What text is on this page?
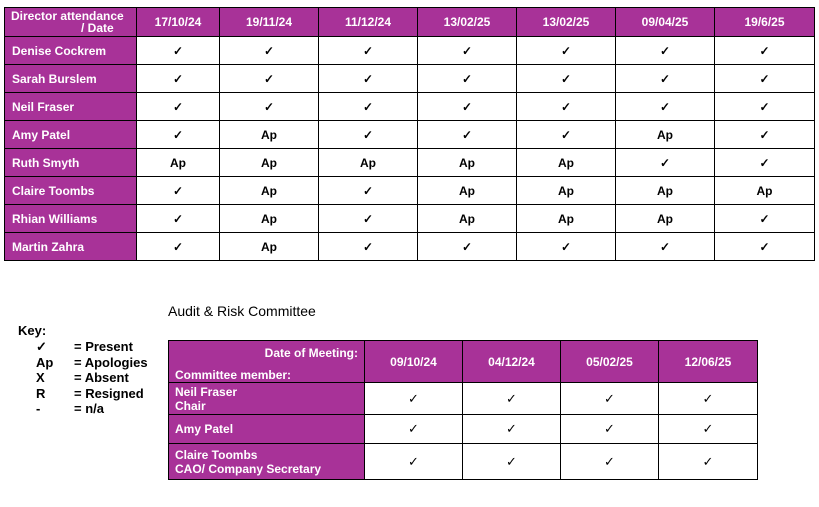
Director attendance
/ Date	17/10/24	19/11/24	11/12/24	13/02/25	13/02/25	09/04/25	19/6/25
Denise Cockrem	✓	✓	✓	✓	✓	✓	✓
Sarah Burslem	✓	✓	✓	✓	✓	✓	✓
Neil Fraser	✓	✓	✓	✓	✓	✓	✓
Amy Patel	✓	Ap	✓	✓	✓	Ap	✓
Ruth Smyth	Ap	Ap	Ap	Ap	Ap	✓	✓
Claire Toombs	✓	Ap	✓	Ap	Ap	Ap	Ap
Rhian Williams	✓	Ap	✓	Ap	Ap	Ap	✓
Martin Zahra	✓	Ap	✓	✓	✓	✓	✓
Audit & Risk Committee
Key:
✓	= Present
Ap	= Apologies
X	= Absent
R	= Resigned
-	= n/a
Date of Meeting:
Committee member:	09/10/24	04/12/24	05/02/25	12/06/25

Neil Fraser
Chair	✓	✓	✓	✓

Amy Patel	✓	✓	✓	✓

Claire Toombs
CAO/ Company Secretary	✓	✓	✓	✓
